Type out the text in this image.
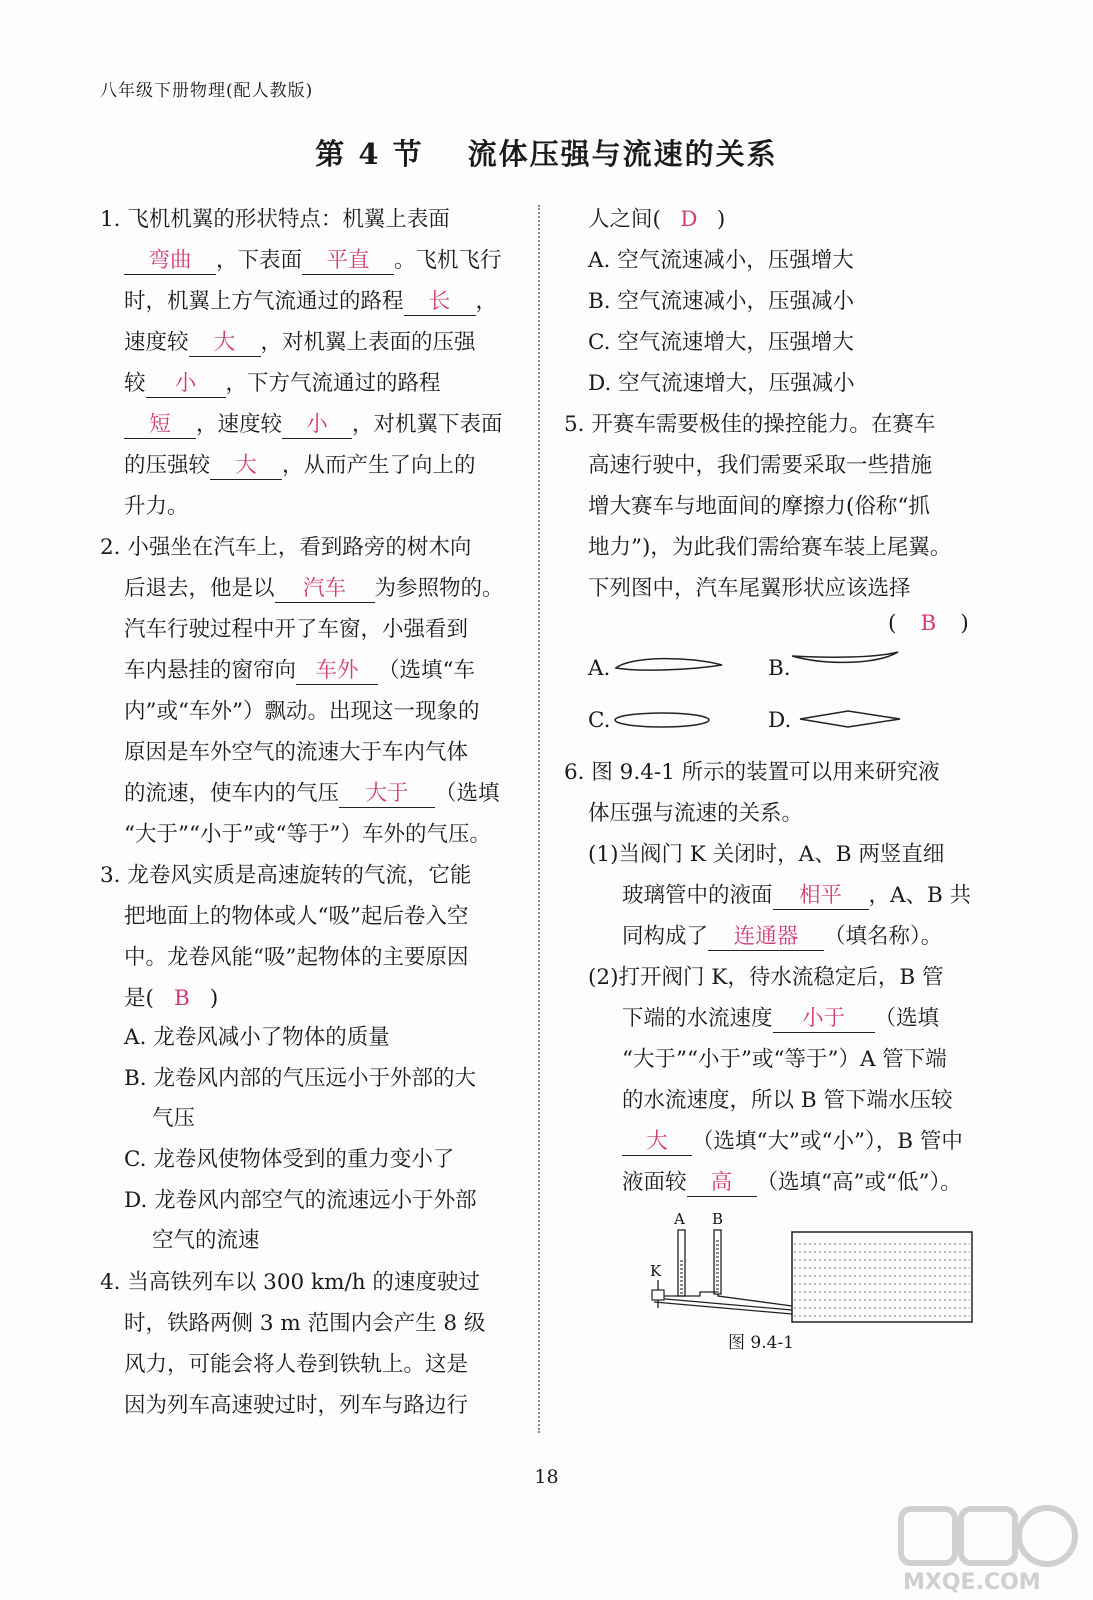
八年级下册物理(配人教版)
第 4 节 流体压强与流速的关系
1. 飞机机翼的形状特点：机翼上表面
弯曲 ，下表面 平直 。飞机飞行
时，机翼上方气流通过的路程 长 ，
速度较 大 ，对机翼上表面的压强
较 小 ，下方气流通过的路程
短 ，速度较 小 ，对机翼下表面
的压强较 大 ，从而产生了向上的
升力。
2. 小强坐在汽车上，看到路旁的树木向
后退去，他是以 汽车 为参照物的。
汽车行驶过程中开了车窗，小强看到
车内悬挂的窗帘向 车外 （选填“车
内”或“车外”）飘动。出现这一现象的
原因是车外空气的流速大于车内气体
的流速，使车内的气压 大于 （选填
“大于”“小于”或“等于”）车外的气压。
3. 龙卷风实质是高速旋转的气流，它能
把地面上的物体或人“吸”起后卷入空
中。龙卷风能“吸”起物体的主要原因
是( B )
A. 龙卷风减小了物体的质量
B. 龙卷风内部的气压远小于外部的大
气压
C. 龙卷风使物体受到的重力变小了
D. 龙卷风内部空气的流速远小于外部
空气的流速
4. 当高铁列车以 300 km/h 的速度驶过
时，铁路两侧 3 m 范围内会产生 8 级
风力，可能会将人卷到铁轨上。这是
因为列车高速驶过时，列车与路边行
人之间( D )
A. 空气流速减小，压强增大
B. 空气流速减小，压强减小
C. 空气流速增大，压强增大
D. 空气流速增大，压强减小
5. 开赛车需要极佳的操控能力。在赛车
高速行驶中，我们需要采取一些措施
增大赛车与地面间的摩擦力(俗称“抓
地力”)，为此我们需给赛车装上尾翼。
下列图中，汽车尾翼形状应该选择
( B )
A.	B.
C.	D.
6. 图 9.4-1 所示的装置可以用来研究液
体压强与流速的关系。
(1)当阀门 K 关闭时，A、B 两竖直细
玻璃管中的液面 相平 ，A、B 共
同构成了 连通器 （填名称）。
(2)打开阀门 K，待水流稳定后，B 管
下端的水流速度 小于 （选填
“大于”“小于”或“等于”）A 管下端
的水流速度，所以 B 管下端水压较
大 （选填“大”或“小”），B 管中
液面较 高 （选填“高”或“低”）。
A B
K
图 9.4-1
18
MXQE.COM
